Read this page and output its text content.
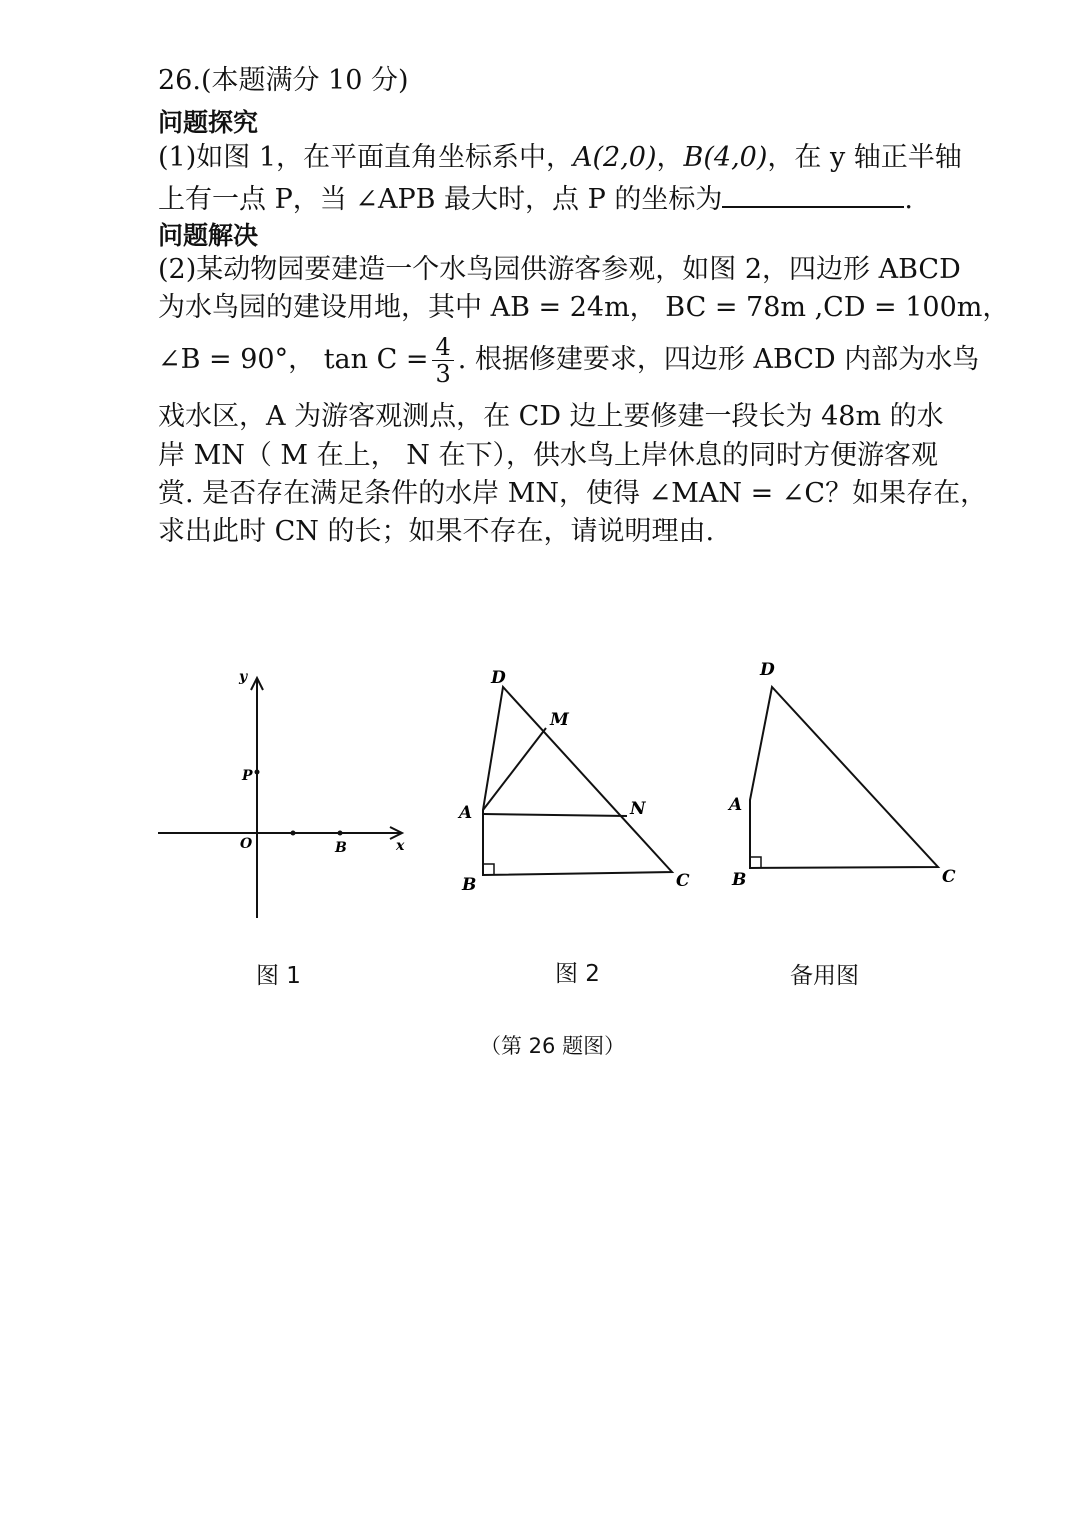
26.(本题满分 10 分)
问题探究
(1)如图 1，在平面直角坐标系中，A(2,0)，B(4,0)，在 y 轴正半轴
上有一点 P，当 ∠APB 最大时，点 P 的坐标为	.
问题解决
(2)某动物园要建造一个水鸟园供游客参观，如图 2，四边形 ABCD
为水鸟园的建设用地，其中 AB = 24m， BC = 78m ,CD = 100m，
∠B = 90°， $\tan C = \frac{4}{3}$ . 根据修建要求，四边形 ABCD 内部为水鸟
戏水区，A 为游客观测点，在 CD 边上要修建一段长为 48m 的水
岸 MN（ M 在上， N 在下），供水鸟上岸休息的同时方便游客观
赏. 是否存在满足条件的水岸 MN，使得 ∠MAN = ∠C？如果存在，
求出此时 CN 的长；如果不存在，请说明理由.
y
x
O
P
B
D
M
A	N
B	C
D
A
B	C
图 1	图 2	备用图
（第 26 题图）
